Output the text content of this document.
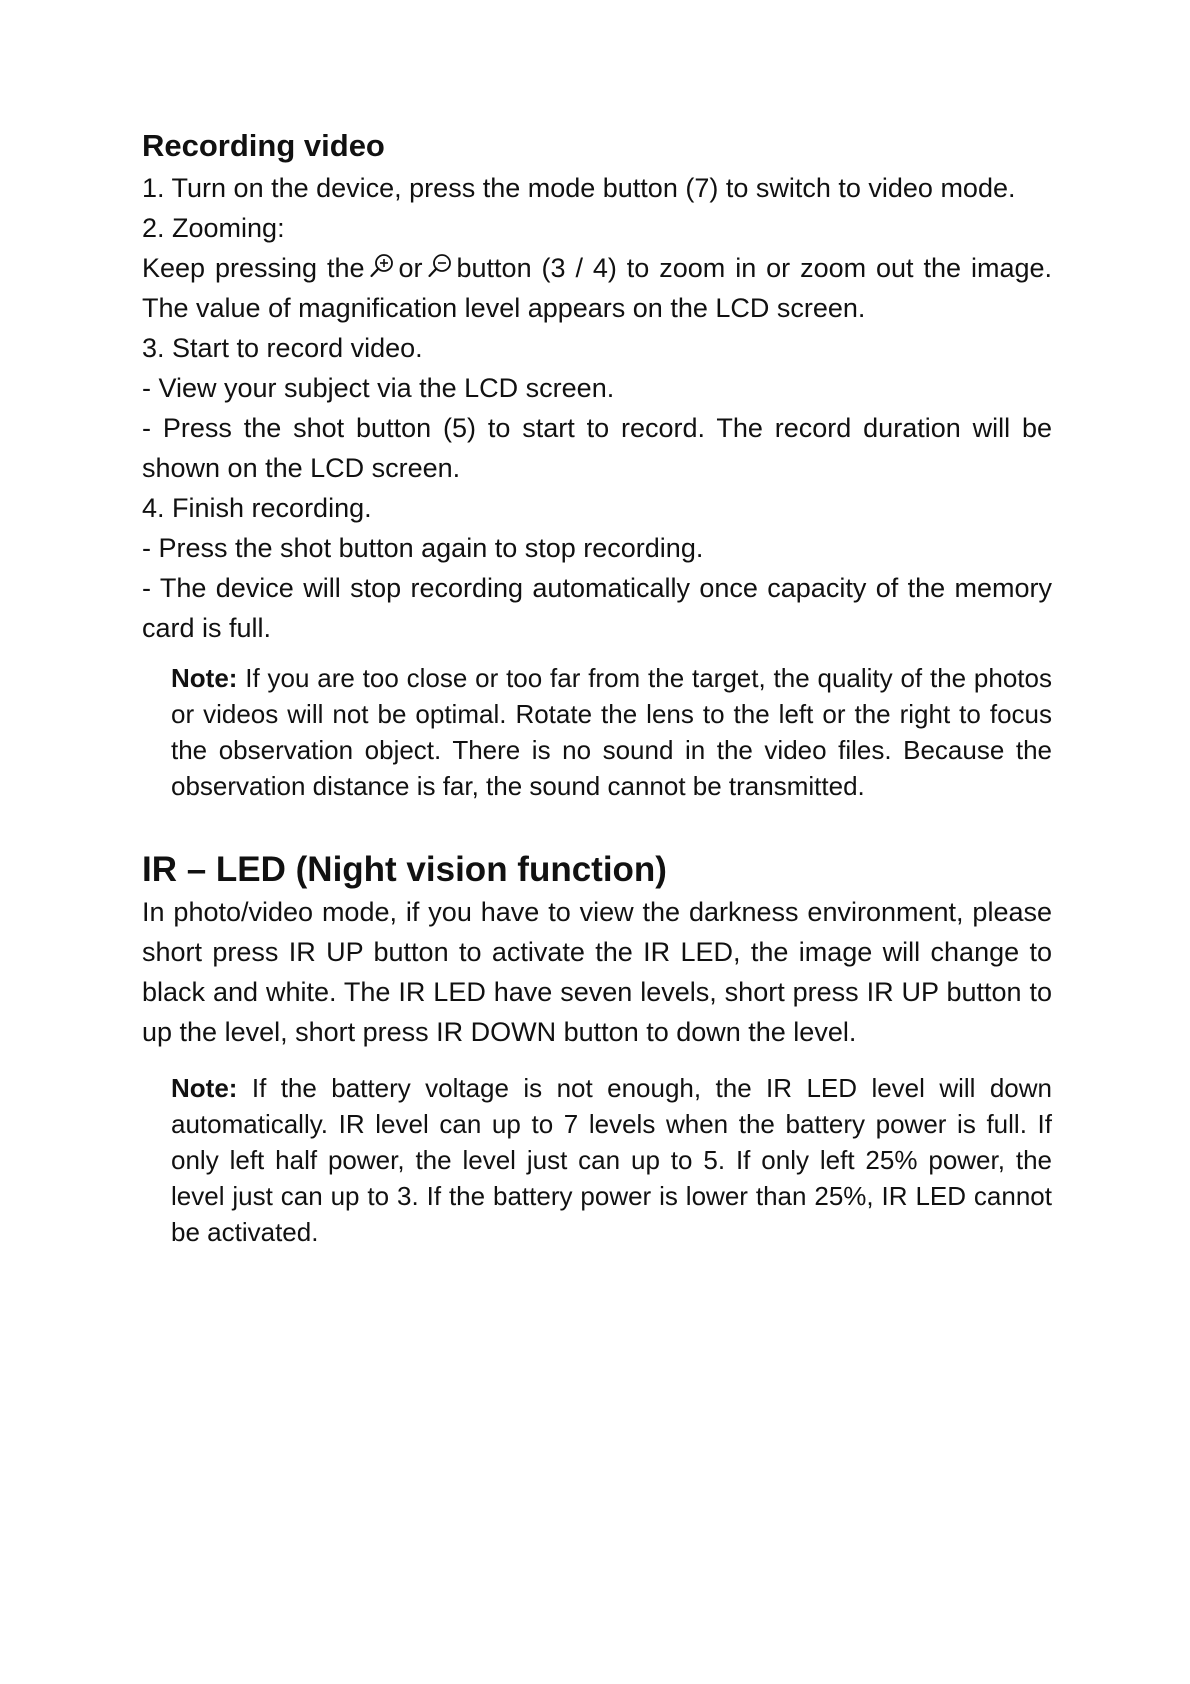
Recording video

1. Turn on the device, press the mode button (7) to switch to video mode.

2. Zooming:

Keep pressing the or button (3 / 4) to zoom in or zoom out the image. The value of magnification level appears on the LCD screen.

3. Start to record video.

- View your subject via the LCD screen.

- Press the shot button (5) to start to record. The record duration will be shown on the LCD screen.

4. Finish recording.

- Press the shot button again to stop recording.

- The device will stop recording automatically once capacity of the memory card is full.

Note: If you are too close or too far from the target, the quality of the photos or videos will not be optimal. Rotate the lens to the left or the right to focus the observation object. There is no sound in the video files. Because the observation distance is far, the sound cannot be transmitted.

IR – LED (Night vision function)

In photo/video mode, if you have to view the darkness environment, please short press IR UP button to activate the IR LED, the image will change to black and white. The IR LED have seven levels, short press IR UP button to up the level, short press IR DOWN button to down the level.

Note: If the battery voltage is not enough, the IR LED level will down automatically. IR level can up to 7 levels when the battery power is full. If only left half power, the level just can up to 5. If only left 25% power, the level just can up to 3. If the battery power is lower than 25%, IR LED cannot be activated.
